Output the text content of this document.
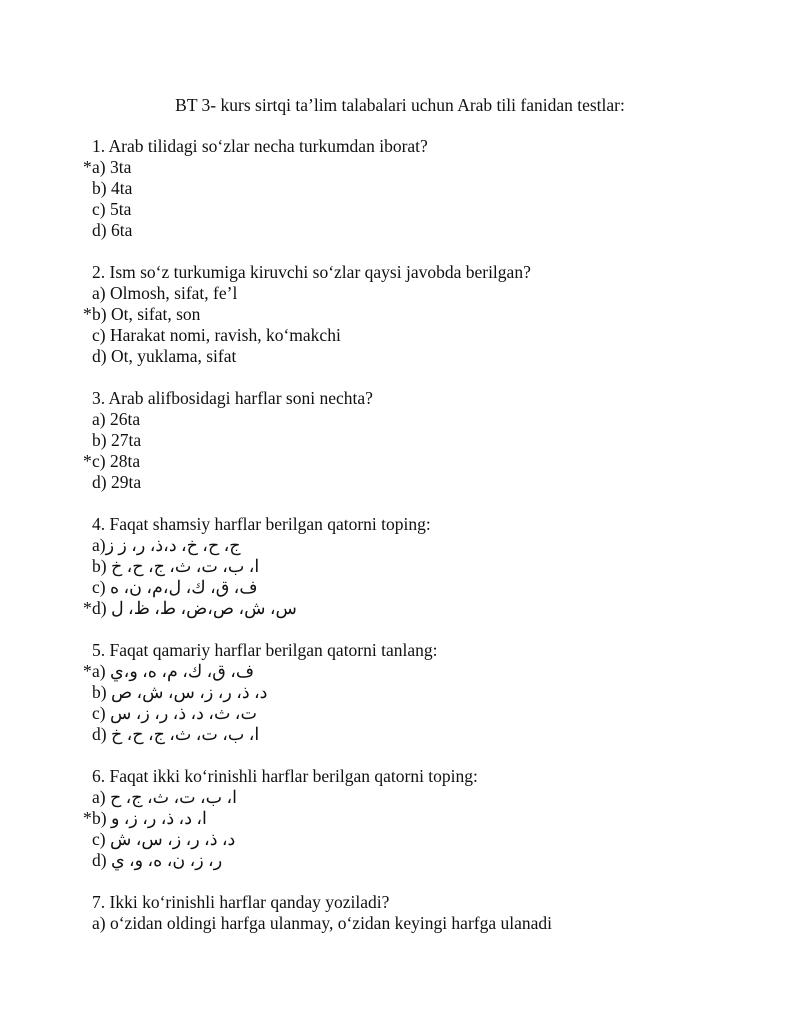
BT 3- kurs sirtqi ta’lim talabalari uchun Arab tili fanidan testlar:
1. Arab tilidagi so‘zlar necha turkumdan iborat?
* a) 3ta
b) 4ta
c) 5ta
d) 6ta
2. Ism so‘z turkumiga kiruvchi so‘zlar qaysi javobda berilgan?
a) Olmosh, sifat, fe’l
* b) Ot, sifat, son
c) Harakat nomi, ravish, ko‘makchi
d) Ot, yuklama, sifat
3. Arab alifbosidagi harflar soni nechta?
a) 26ta
b) 27ta
* c) 28ta
d) 29ta
4. Faqat shamsiy harflar berilgan qatorni toping:
a)ج، ح، خ، د،ذ، ر، ز ز
b) ا، ب، ت، ث، ج، ح، خ
c) ف، ق، ك، ل،م، ن، ه
* d) س، ش، ص،ض، ط، ظ، ل
5. Faqat qamariy harflar berilgan qatorni tanlang:
* a) ف، ق، ك، م، ه، و،ي
b) د، ذ، ر، ز، س، ش، ص
c) ت، ث، د، ذ، ر، ز، س
d) ا، ب، ت، ث، ج، ح، خ
6. Faqat ikki ko‘rinishli harflar berilgan qatorni toping:
a) ا، ب، ت، ث، ج، ح
* b) ا، د، ذ، ر، ز، و
c) د، ذ، ر، ز، س، ش
d) ر، ز، ن، ه، و، ي
7. Ikki ko‘rinishli harflar qanday yoziladi?
a) o‘zidan oldingi harfga ulanmay, o‘zidan keyingi harfga ulanadi
